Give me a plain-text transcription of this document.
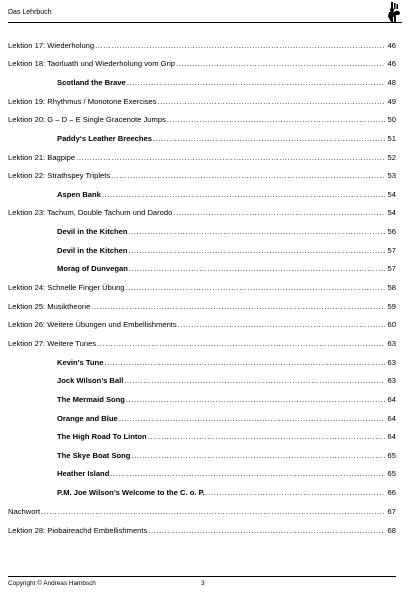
Das Lehrbuch
Lektion 17: Wiederholung .....	46
Lektion 18: Taorluath und Wiederholung vom Grip .....	46
Scotland the Brave .....	48
Lektion 19: Rhythmus / Monotone Exercises .....	49
Lektion 20: G – D – E Single Gracenote Jumps .....	50
Paddy‘s Leather Breeches .....	51
Lektion 21: Bagpipe .....	52
Lektion 22: Strathspey Triplets .....	53
Aspen Bank .....	54
Lektion 23: Tachum, Double Tachum und Darodo .....	54
Devil in the Kitchen .....	56
Devil in the Kitchen .....	57
Morag of Dunvegan .....	57
Lektion 24: Schnelle Finger Übung .....	58
Lektion 25: Musiktheorie .....	59
Lektion 26: Weitere Übungen und Embellishments .....	60
Lektion 27: Weitere Tunes .....	63
Kevin’s Tune .....	63
Jock Wilson’s Ball .....	63
The Mermaid Song .....	64
Orange and Blue .....	64
The High Road To Linton .....	64
The Skye Boat Song .....	65
Heather Island .....	65
P.M. Joe Wilson’s Welcome to the C. o. P. .....	66
Nachwort .....	67
Lektion 28: Piobaireachd Embellishments .....	68
Copyright © Andreas Hambsch	3
